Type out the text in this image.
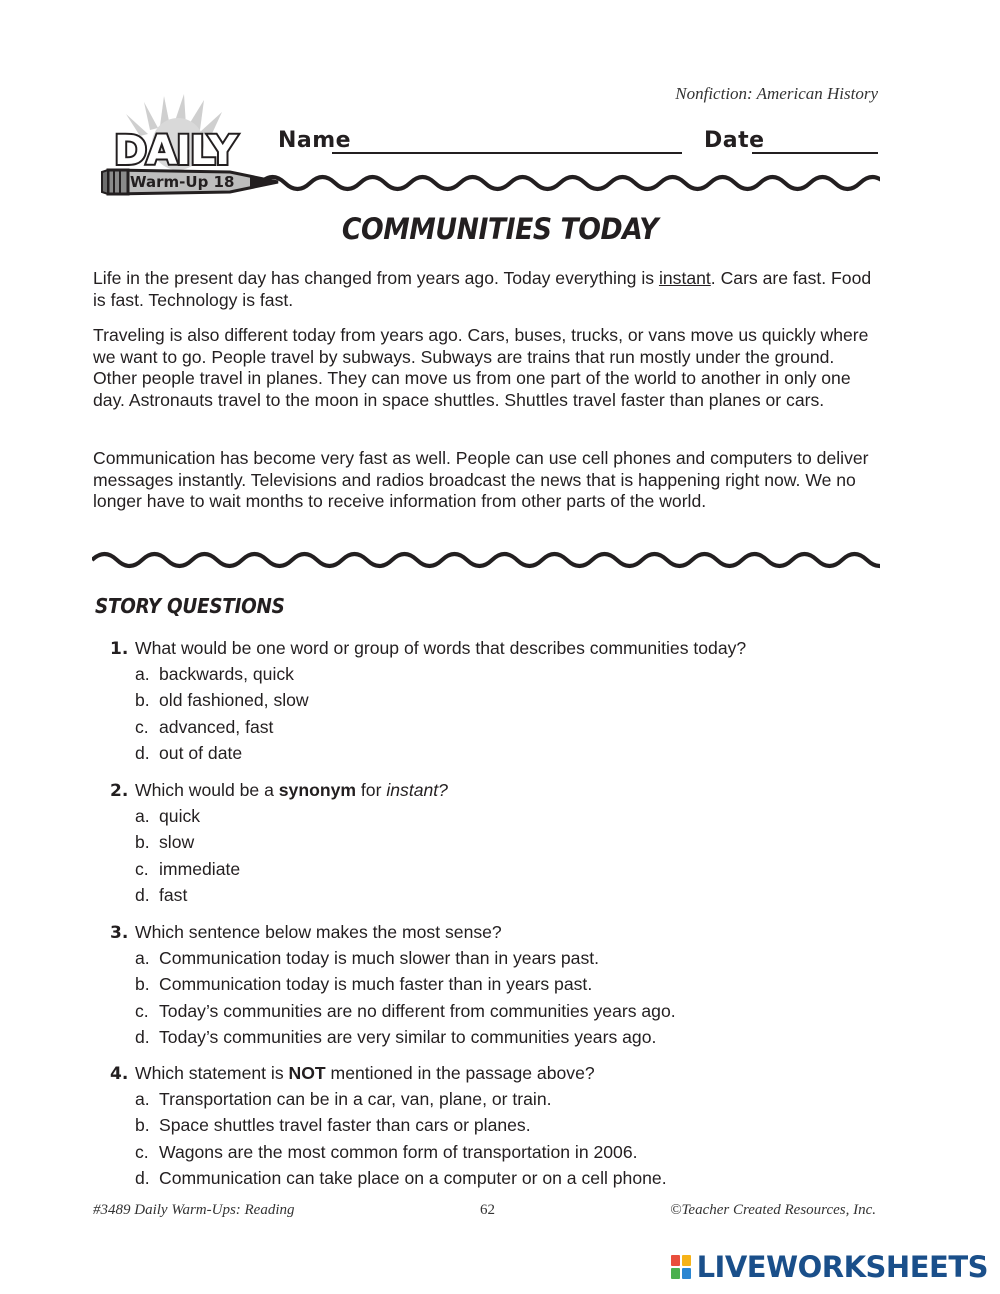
Nonfiction: American History
Warm-Up 18
DAILY Name	Date
COMMUNITIES TODAY

Life in the present day has changed from years ago. Today everything is instant. Cars are fast. Food is fast. Technology is fast.

Traveling is also different today from years ago. Cars, buses, trucks, or vans move us quickly where we want to go. People travel by subways. Subways are trains that run mostly under the ground. Other people travel in planes. They can move us from one part of the world to another in only one day. Astronauts travel to the moon in space shuttles. Shuttles travel faster than planes or cars.

Communication has become very fast as well. People can use cell phones and computers to deliver messages instantly. Televisions and radios broadcast the news that is happening right now. We no longer have to wait months to receive information from other parts of the world.

STORY QUESTIONS
1. What would be one word or group of words that describes communities today?
a. backwards, quick
b. old fashioned, slow
c. advanced, fast
d. out of date
2. Which would be a synonym for instant?
a. quick
b. slow
c. immediate
d. fast
3. Which sentence below makes the most sense?
a. Communication today is much slower than in years past.
b. Communication today is much faster than in years past.
c. Today’s communities are no different from communities years ago.
d. Today’s communities are very similar to communities years ago.
4. Which statement is NOT mentioned in the passage above?
a. Transportation can be in a car, van, plane, or train.
b. Space shuttles travel faster than cars or planes.
c. Wagons are the most common form of transportation in 2006.
d. Communication can take place on a computer or on a cell phone.
#3489 Daily Warm-Ups: Reading	62	©Teacher Created Resources, Inc.
LIVEWORKSHEETS
